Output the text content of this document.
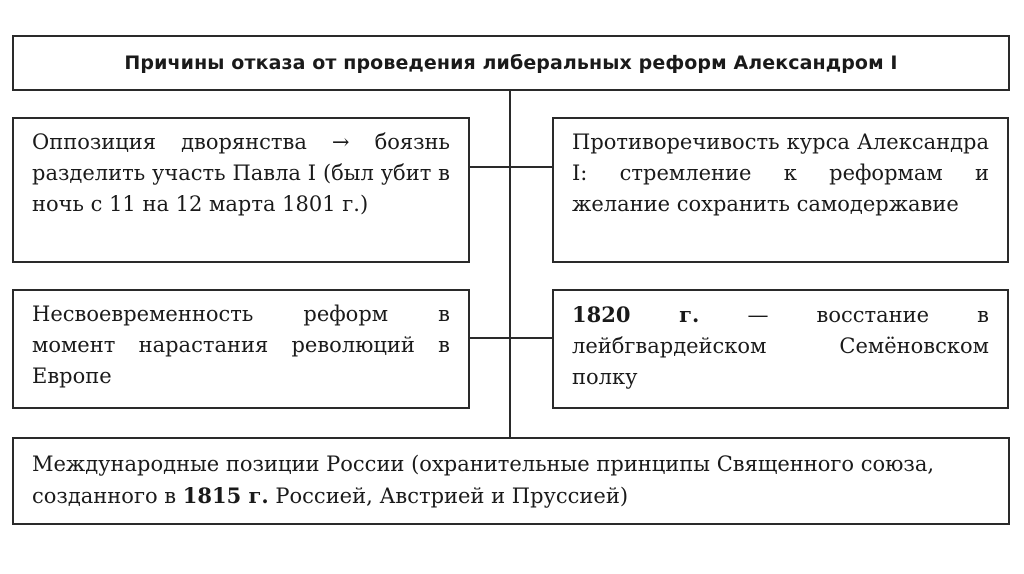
Причины отказа от проведения либеральных реформ Александром I
Оппозиция дворянства → боязнь разделить участь Павла I (был убит в ночь с 11 на 12 марта 1801 г.)
Противоречивость курса Александра I: стремление к реформам и желание сохранить самодержавие
Несвоевременность реформ в момент нарастания революций в Европе
1820 г. — восстание в лейбгвардейском Семёновском полку
Международные позиции России (охранительные принципы Священного союза, созданного в 1815 г. Россией, Австрией и Пруссией)
